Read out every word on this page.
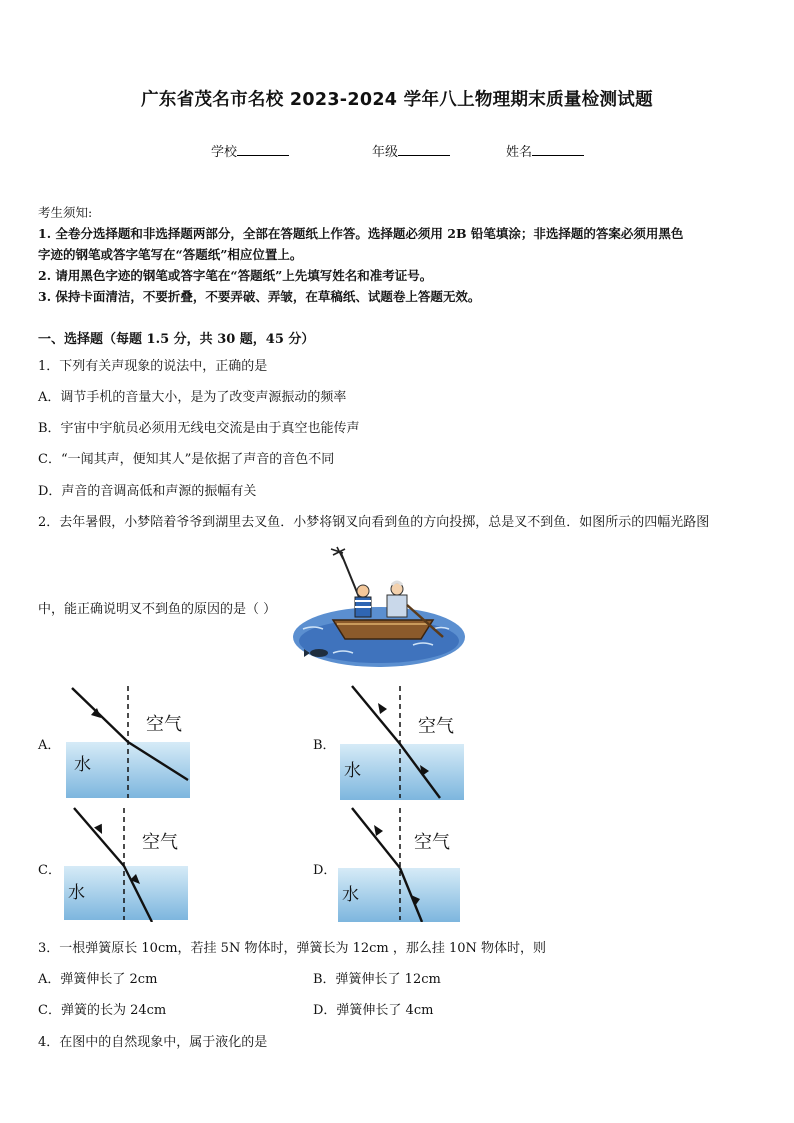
广东省茂名市名校 2023-2024 学年八上物理期末质量检测试题
学校	年级	姓名
考生须知:
1. 全卷分选择题和非选择题两部分，全部在答题纸上作答。选择题必须用 2B 铅笔填涂；非选择题的答案必须用黑色
字迹的钢笔或答字笔写在“答题纸”相应位置上。
2. 请用黑色字迹的钢笔或答字笔在“答题纸”上先填写姓名和准考证号。
3. 保持卡面清洁，不要折叠，不要弄破、弄皱，在草稿纸、试题卷上答题无效。
一、选择题（每题 1.5 分，共 30 题，45 分）
1．下列有关声现象的说法中，正确的是
A．调节手机的音量大小，是为了改变声源振动的频率
B．宇宙中宇航员必须用无线电交流是由于真空也能传声
C．“一闻其声，便知其人”是依据了声音的音色不同
D．声音的音调高低和声源的振幅有关
2．去年暑假，小梦陪着爷爷到湖里去叉鱼．小梦将钢叉向看到鱼的方向投掷，总是叉不到鱼．如图所示的四幅光路图
中，能正确说明叉不到鱼的原因的是（ ）
A．	B．
C．	D．
空气
水
空气
水
空气
水
空气
水
3．一根弹簧原长 10cm，若挂 5N 物体时，弹簧长为 12cm ，那么挂 10N 物体时，则
A．弹簧伸长了 2cm	B．弹簧伸长了 12cm
C．弹簧的长为 24cm	D．弹簧伸长了 4cm
4．在图中的自然现象中，属于液化的是
